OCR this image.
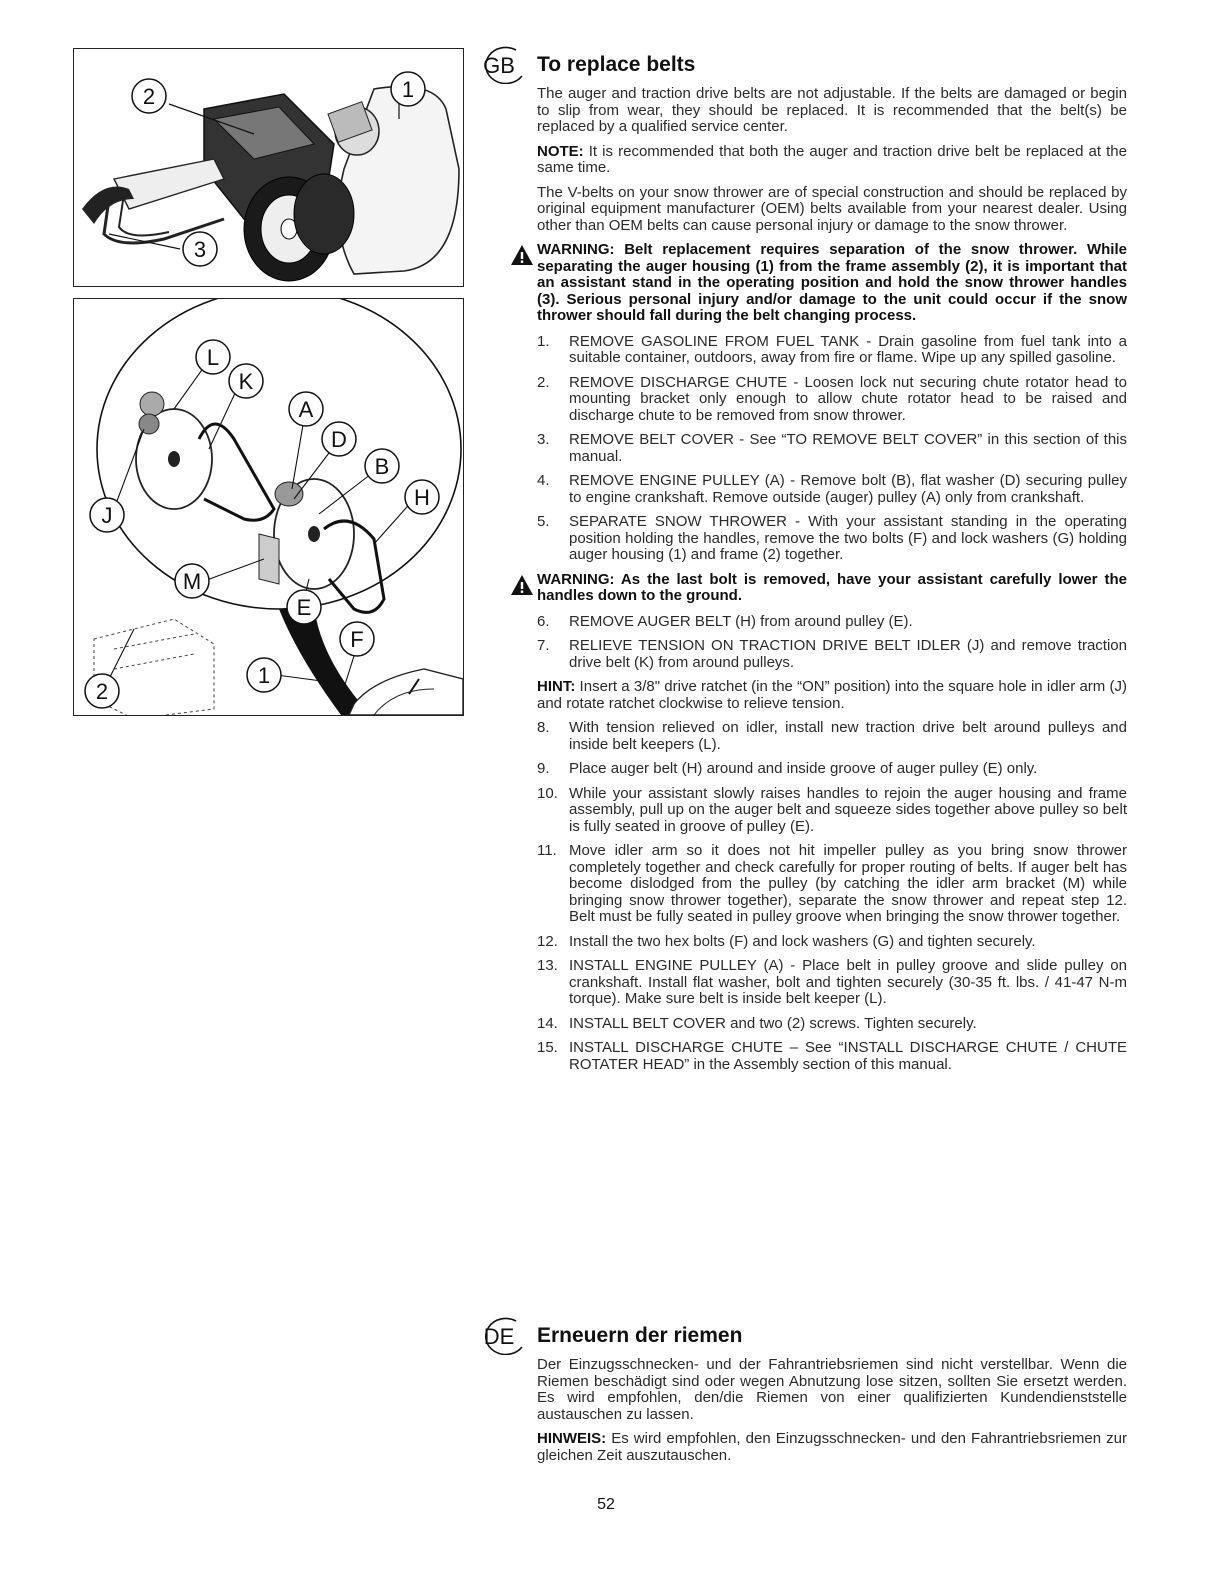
2	1
3
L
K
A
D
B
H
J
M
E
F
2
1
GB To replace belts

The auger and traction drive belts are not adjustable. If the belts are damaged or begin to slip from wear, they should be replaced. It is recommended that the belt(s) be replaced by a qualified service center.

NOTE: It is recommended that both the auger and traction drive belt be replaced at the same time.

The V-belts on your snow thrower are of special construction and should be replaced by original equipment manufacturer (OEM) belts available from your nearest dealer. Using other than OEM belts can cause personal injury or damage to the snow thrower.

WARNING: Belt replacement requires separation of the snow thrower. While separating the auger housing (1) from the frame assembly (2), it is important that an assistant stand in the operating position and hold the snow thrower handles (3). Serious personal injury and/or damage to the unit could occur if the snow thrower should fall during the belt changing process.
1.	REMOVE GASOLINE FROM FUEL TANK - Drain gasoline from fuel tank into a suitable container, outdoors, away from fire or flame. Wipe up any spilled gasoline.
2.	REMOVE DISCHARGE CHUTE - Loosen lock nut securing chute rotator head to mounting bracket only enough to allow chute rotator head to be raised and discharge chute to be removed from snow thrower.
3.	REMOVE BELT COVER - See “TO REMOVE BELT COVER” in this section of this manual.
4.	REMOVE ENGINE PULLEY (A) - Remove bolt (B), flat washer (D) securing pulley to engine crankshaft. Remove outside (auger) pulley (A) only from crankshaft.
5.	SEPARATE SNOW THROWER - With your assistant standing in the operating position holding the handles, remove the two bolts (F) and lock washers (G) holding auger housing (1) and frame (2) together.
WARNING: As the last bolt is removed, have your assistant carefully lower the handles down to the ground.
6.	REMOVE AUGER BELT (H) from around pulley (E).
7.	RELIEVE TENSION ON TRACTION DRIVE BELT IDLER (J) and remove traction drive belt (K) from around pulleys.

HINT: Insert a 3/8" drive ratchet (in the “ON” position) into the square hole in idler arm (J) and rotate ratchet clockwise to relieve tension.

8.	With tension relieved on idler, install new traction drive belt around pulleys and inside belt keepers (L).
9.	Place auger belt (H) around and inside groove of auger pulley (E) only.
10. While your assistant slowly raises handles to rejoin the auger housing and frame assembly, pull up on the auger belt and squeeze sides together above pulley so belt is fully seated in groove of pulley (E).
11. Move idler arm so it does not hit impeller pulley as you bring snow thrower completely together and check carefully for proper routing of belts. If auger belt has become dislodged from the pulley (by catching the idler arm bracket (M) while bringing snow thrower together), separate the snow thrower and repeat step 12. Belt must be fully seated in pulley groove when bringing the snow thrower together.
12. Install the two hex bolts (F) and lock washers (G) and tighten securely.
13. INSTALL ENGINE PULLEY (A) - Place belt in pulley groove and slide pulley on crankshaft. Install flat washer, bolt and tighten securely (30-35 ft. lbs. / 41-47 N-m torque). Make sure belt is inside belt keeper (L).
14. INSTALL BELT COVER and two (2) screws. Tighten securely.
15. INSTALL DISCHARGE CHUTE – See “INSTALL DISCHARGE CHUTE / CHUTE ROTATER HEAD” in the Assembly section of this manual.
DE Erneuern der riemen

Der Einzugsschnecken- und der Fahrantriebsriemen sind nicht verstellbar. Wenn die Riemen beschädigt sind oder wegen Abnutzung lose sitzen, sollten Sie ersetzt werden. Es wird empfohlen, den/die Riemen von einer qualifizierten Kundendienststelle austauschen zu lassen.

HINWEIS: Es wird empfohlen, den Einzugsschnecken- und den Fahrantriebsriemen zur gleichen Zeit auszutauschen.

52
